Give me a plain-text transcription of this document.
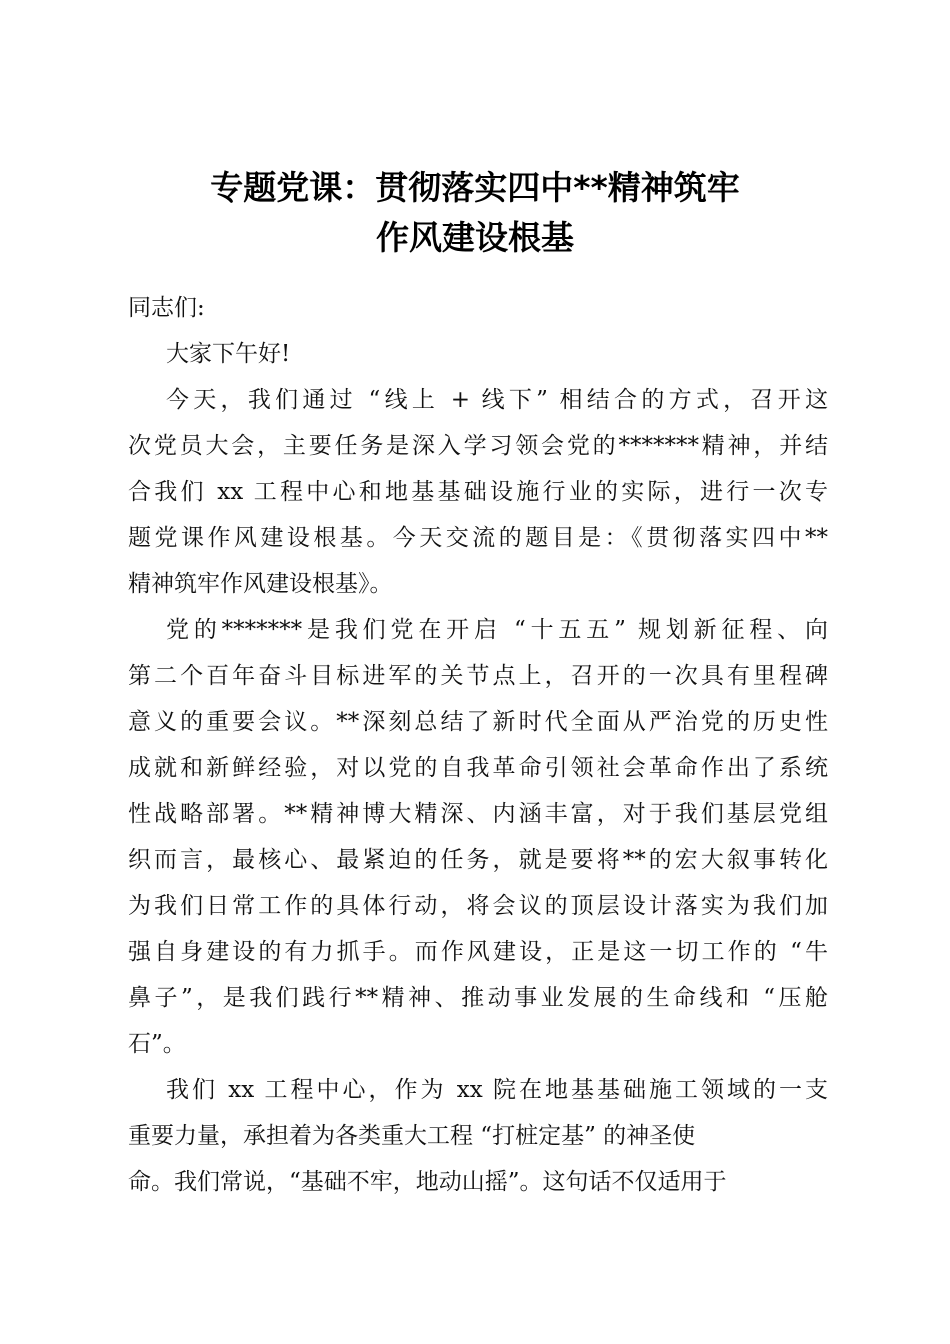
专题党课：贯彻落实四中**精神筑牢
作风建设根基
同志们:
大家下午好!
今天，我们通过 “线上 + 线下” 相结合的方式，召开这
次党员大会，主要任务是深入学习领会党的*******精神，并结
合我们 xx 工程中心和地基基础设施行业的实际，进行一次专
题党课作风建设根基。今天交流的题目是：《贯彻落实四中**
精神筑牢作风建设根基》。
党的*******是我们党在开启 “十五五” 规划新征程、向
第二个百年奋斗目标进军的关节点上，召开的一次具有里程碑
意义的重要会议。**深刻总结了新时代全面从严治党的历史性
成就和新鲜经验，对以党的自我革命引领社会革命作出了系统
性战略部署。**精神博大精深、内涵丰富，对于我们基层党组
织而言，最核心、最紧迫的任务，就是要将**的宏大叙事转化
为我们日常工作的具体行动，将会议的顶层设计落实为我们加
强自身建设的有力抓手。而作风建设，正是这一切工作的 “牛
鼻子”，是我们践行**精神、推动事业发展的生命线和 “压舱
石”。
我们 xx 工程中心，作为 xx 院在地基基础施工领域的一支
重要力量，承担着为各类重大工程 “打桩定基” 的神圣使
命。我们常说，“基础不牢，地动山摇”。这句话不仅适用于
